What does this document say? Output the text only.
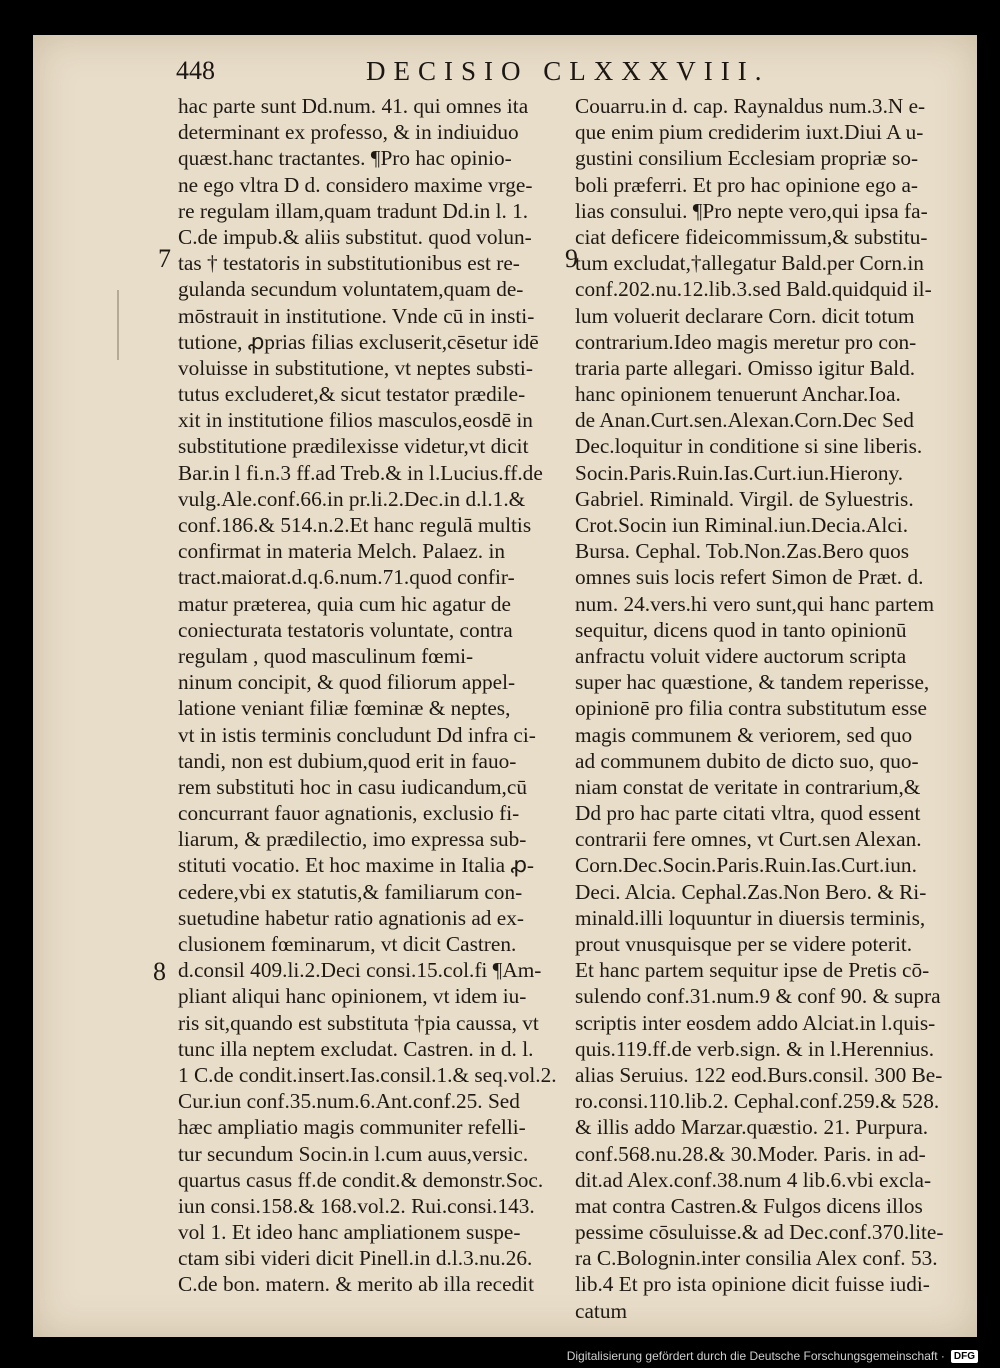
448	DECISIO CLXXXVIII.
7	9
8
hac parte sunt Dd.num. 41. qui omnes ita
determinant ex professo, & in indiuiduo
quæst.hanc tractantes. ¶Pro hac opinio-
ne ego vltra D d. considero maxime vrge-
re regulam illam,quam tradunt Dd.in l. 1.
C.de impub.& aliis substitut. quod volun-
tas † testatoris in substitutionibus est re-
gulanda secundum voluntatem,quam de-
mōstrauit in institutione. Vnde cū in insti-
tutione, ꝓprias filias excluserit,cēsetur idē
voluisse in substitutione, vt neptes substi-
tutus excluderet,& sicut testator prædile-
xit in institutione filios masculos,eosdē in
substitutione prædilexisse videtur,vt dicit
Bar.in l fi.n.3 ff.ad Treb.& in l.Lucius.ff.de
vulg.Ale.conf.66.in pr.li.2.Dec.in d.l.1.&
conf.186.& 514.n.2.Et hanc regulā multis
confirmat in materia Melch. Palaez. in
tract.maiorat.d.q.6.num.71.quod confir-
matur præterea, quia cum hic agatur de
coniecturata testatoris voluntate, contra
regulam , quod masculinum fœmi-
ninum concipit, & quod filiorum appel-
latione veniant filiæ fœminæ & neptes,
vt in istis terminis concludunt Dd infra ci-
tandi, non est dubium,quod erit in fauo-
rem substituti hoc in casu iudicandum,cū
concurrant fauor agnationis, exclusio fi-
liarum, & prædilectio, imo expressa sub-
stituti vocatio. Et hoc maxime in Italia ꝓ-
cedere,vbi ex statutis,& familiarum con-
suetudine habetur ratio agnationis ad ex-
clusionem fœminarum, vt dicit Castren.
d.consil 409.li.2.Deci consi.15.col.fi ¶Am-
pliant aliqui hanc opinionem, vt idem iu-
ris sit,quando est substituta †pia caussa, vt
tunc illa neptem excludat. Castren. in d. l.
1 C.de condit.insert.Ias.consil.1.& seq.vol.2.
Cur.iun conf.35.num.6.Ant.conf.25. Sed
hæc ampliatio magis communiter refelli-
tur secundum Socin.in l.cum auus,versic.
quartus casus ff.de condit.& demonstr.Soc.
iun consi.158.& 168.vol.2. Rui.consi.143.
vol 1. Et ideo hanc ampliationem suspe-
ctam sibi videri dicit Pinell.in d.l.3.nu.26.
C.de bon. matern. & merito ab illa recedit
Couarru.in d. cap. Raynaldus num.3.N e-
que enim pium crediderim iuxt.Diui A u-
gustini consilium Ecclesiam propriæ so-
boli præferri. Et pro hac opinione ego a-
lias consului. ¶Pro nepte vero,qui ipsa fa-
ciat deficere fideicommissum,& substitu-
tum excludat,†allegatur Bald.per Corn.in
conf.202.nu.12.lib.3.sed Bald.quidquid il-
lum voluerit declarare Corn. dicit totum
contrarium.Ideo magis meretur pro con-
traria parte allegari. Omisso igitur Bald.
hanc opinionem tenuerunt Anchar.Ioa.
de Anan.Curt.sen.Alexan.Corn.Dec Sed
Dec.loquitur in conditione si sine liberis.
Socin.Paris.Ruin.Ias.Curt.iun.Hierony.
Gabriel. Riminald. Virgil. de Syluestris.
Crot.Socin iun Riminal.iun.Decia.Alci.
Bursa. Cephal. Tob.Non.Zas.Bero quos
omnes suis locis refert Simon de Præt. d.
num. 24.vers.hi vero sunt,qui hanc partem
sequitur, dicens quod in tanto opinionū
anfractu voluit videre auctorum scripta
super hac quæstione, & tandem reperisse,
opinionē pro filia contra substitutum esse
magis communem & veriorem, sed quo
ad communem dubito de dicto suo, quo-
niam constat de veritate in contrarium,&
Dd pro hac parte citati vltra, quod essent
contrarii fere omnes, vt Curt.sen Alexan.
Corn.Dec.Socin.Paris.Ruin.Ias.Curt.iun.
Deci. Alcia. Cephal.Zas.Non Bero. & Ri-
minald.illi loquuntur in diuersis terminis,
prout vnusquisque per se videre poterit.
Et hanc partem sequitur ipse de Pretis cō-
sulendo conf.31.num.9 & conf 90. & supra
scriptis inter eosdem addo Alciat.in l.quis-
quis.119.ff.de verb.sign. & in l.Herennius.
alias Seruius. 122 eod.Burs.consil. 300 Be-
ro.consi.110.lib.2. Cephal.conf.259.& 528.
& illis addo Marzar.quæstio. 21. Purpura.
conf.568.nu.28.& 30.Moder. Paris. in ad-
dit.ad Alex.conf.38.num 4 lib.6.vbi excla-
mat contra Castren.& Fulgos dicens illos
pessime cōsuluisse.& ad Dec.conf.370.lite-
ra C.Bolognin.inter consilia Alex conf. 53.
lib.4 Et pro ista opinione dicit fuisse iudi-
catum
Digitalisierung gefördert durch die Deutsche Forschungsgemeinschaft · DFG
